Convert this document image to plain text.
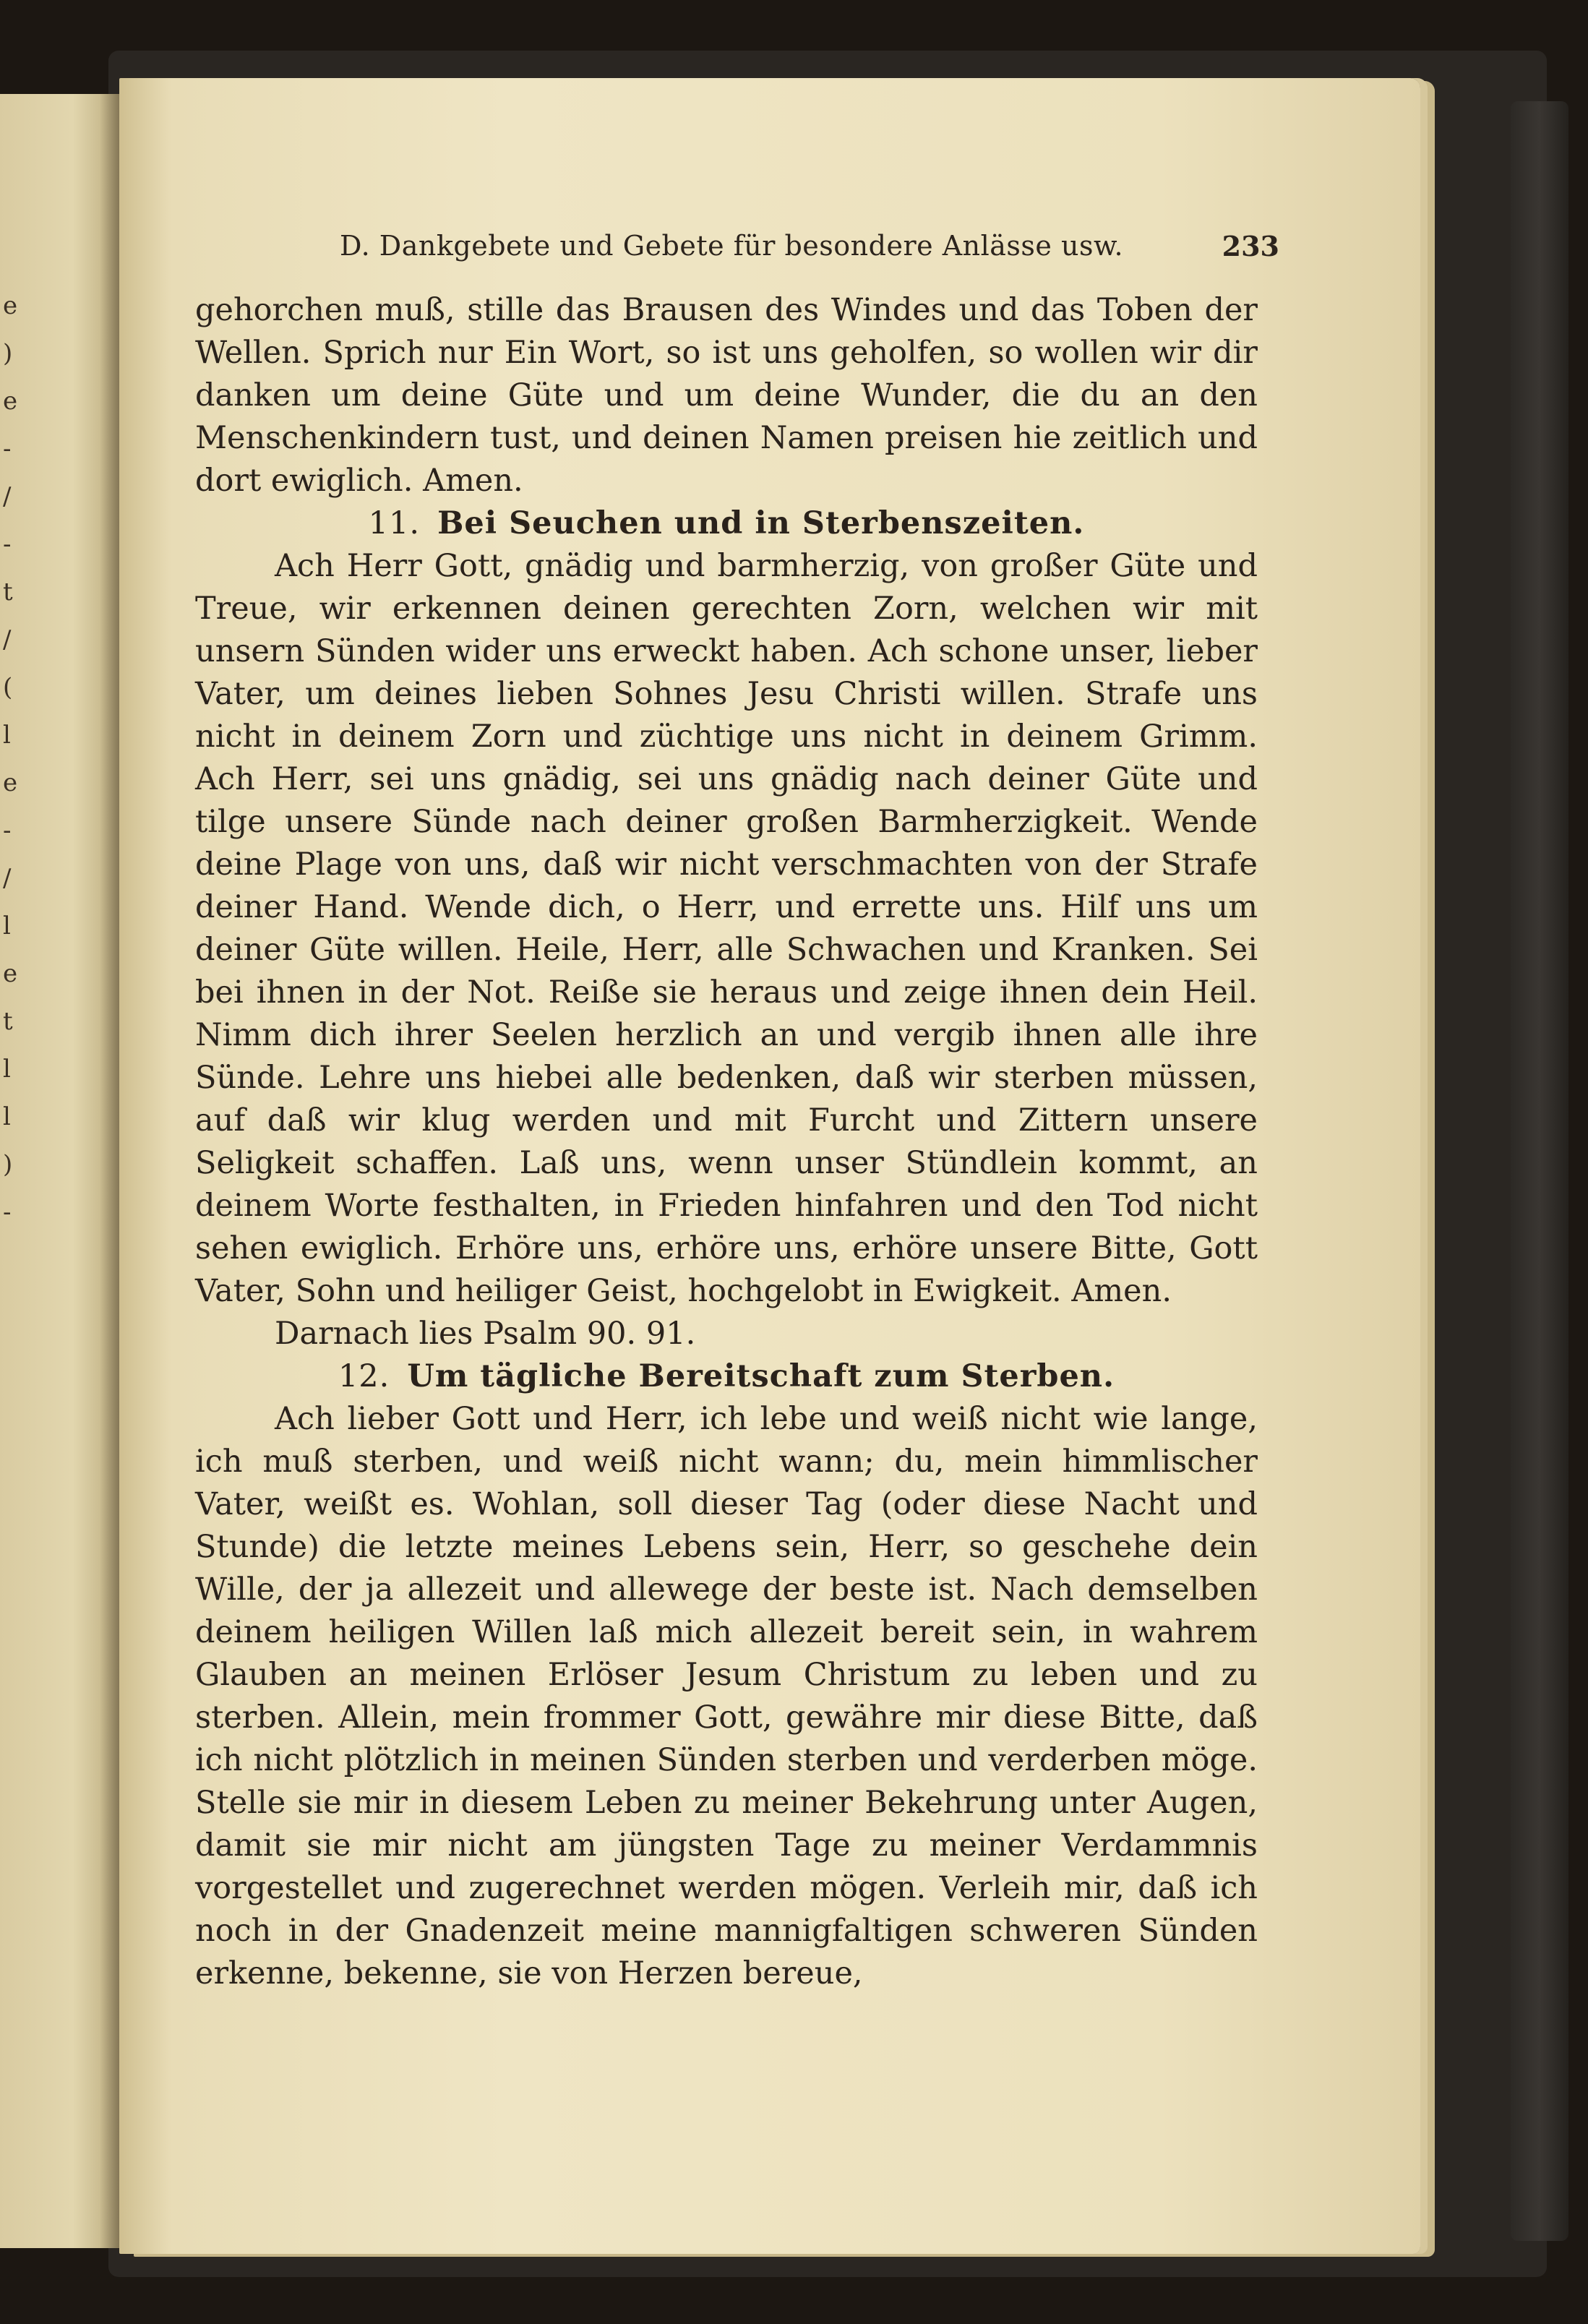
e
)
e
-
/
-
t
/
(
l
e
-
/
l
e
t
l
l
)
-
D. Dankgebete und Gebete für besondere Anlässe usw.	233

gehorchen muß, stille das Brausen des Windes und das Toben der Wellen. Sprich nur Ein Wort, so ist uns geholfen, so wollen wir dir danken um deine Güte und um deine Wunder, die du an den Menschenkindern tust, und deinen Namen preisen hie zeitlich und dort ewiglich. Amen.

11. Bei Seuchen und in Sterbenszeiten.

Ach Herr Gott, gnädig und barmherzig, von großer Güte und Treue, wir erkennen deinen gerechten Zorn, welchen wir mit unsern Sünden wider uns erweckt haben. Ach schone unser, lieber Vater, um deines lieben Sohnes Jesu Christi willen. Strafe uns nicht in deinem Zorn und züchtige uns nicht in deinem Grimm. Ach Herr, sei uns gnädig, sei uns gnädig nach deiner Güte und tilge unsere Sünde nach deiner großen Barmherzigkeit. Wende deine Plage von uns, daß wir nicht verschmachten von der Strafe deiner Hand. Wende dich, o Herr, und errette uns. Hilf uns um deiner Güte willen. Heile, Herr, alle Schwachen und Kranken. Sei bei ihnen in der Not. Reiße sie heraus und zeige ihnen dein Heil. Nimm dich ihrer Seelen herzlich an und vergib ihnen alle ihre Sünde. Lehre uns hiebei alle bedenken, daß wir sterben müssen, auf daß wir klug werden und mit Furcht und Zittern unsere Seligkeit schaffen. Laß uns, wenn unser Stündlein kommt, an deinem Worte festhalten, in Frieden hinfahren und den Tod nicht sehen ewiglich. Erhöre uns, erhöre uns, erhöre unsere Bitte, Gott Vater, Sohn und heiliger Geist, hochgelobt in Ewigkeit. Amen.

Darnach lies Psalm 90. 91.

12. Um tägliche Bereitschaft zum Sterben.

Ach lieber Gott und Herr, ich lebe und weiß nicht wie lange, ich muß sterben, und weiß nicht wann; du, mein himmlischer Vater, weißt es. Wohlan, soll dieser Tag (oder diese Nacht und Stunde) die letzte meines Lebens sein, Herr, so geschehe dein Wille, der ja allezeit und allewege der beste ist. Nach demselben deinem heiligen Willen laß mich allezeit bereit sein, in wahrem Glauben an meinen Erlöser Jesum Christum zu leben und zu sterben. Allein, mein frommer Gott, gewähre mir diese Bitte, daß ich nicht plötzlich in meinen Sünden sterben und verderben möge. Stelle sie mir in diesem Leben zu meiner Bekehrung unter Augen, damit sie mir nicht am jüngsten Tage zu meiner Verdammnis vorgestellet und zugerechnet werden mögen. Verleih mir, daß ich noch in der Gnadenzeit meine mannigfaltigen schweren Sünden erkenne, bekenne, sie von Herzen bereue,
